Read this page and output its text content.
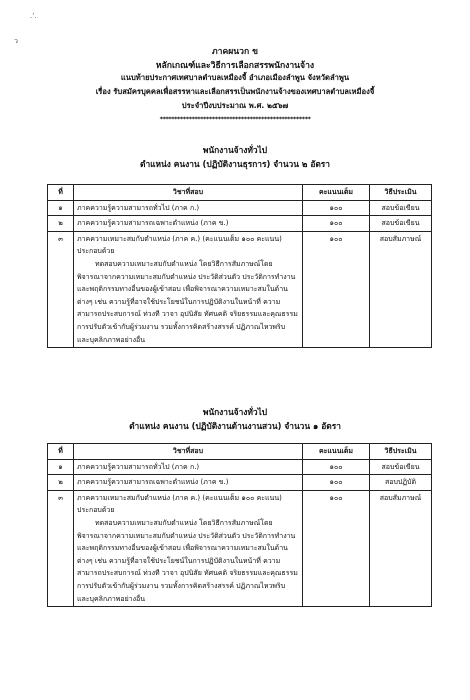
.ʻ.
ว
ภาคผนวก ข
หลักเกณฑ์และวิธีการเลือกสรรพนักงานจ้าง
แนบท้ายประกาศเทศบาลตำบลเหมืองจี้ อำเภอเมืองลำพูน จังหวัดลำพูน
เรื่อง รับสมัครบุคคลเพื่อสรรหาและเลือกสรรเป็นพนักงานจ้างของเทศบาลตำบลเหมืองจี้
ประจำปีงบประมาณ พ.ศ. ๒๕๖๗
****************************************************
พนักงานจ้างทั่วไป
ตำแหน่ง คนงาน (ปฏิบัติงานธุรการ) จำนวน ๒ อัตรา
ที่	วิชาที่สอบ	คะแนนเต็ม	วิธีประเมิน
๑	ภาคความรู้ความสามารถทั่วไป (ภาค ก.)	๑๐๐	สอบข้อเขียน
๒	ภาคความรู้ความสามารถเฉพาะตำแหน่ง (ภาค ข.)	๑๐๐	สอบข้อเขียน
๓	ภาคความเหมาะสมกับตำแหน่ง (ภาค ค.) (คะแนนเต็ม ๑๐๐ คะแนน) ประกอบด้วย
ทดสอบความเหมาะสมกับตำแหน่ง โดยวิธีการสัมภาษณ์โดยพิจารณาจากความเหมาะสมกับตำแหน่ง ประวัติส่วนตัว ประวัติการทำงาน และพฤติกรรมทางอื่นของผู้เข้าสอบ เพื่อพิจารณาความเหมาะสมในด้านต่างๆ เช่น ความรู้ที่อาจใช้ประโยชน์ในการปฏิบัติงานในหน้าที่ ความสามารถประสบการณ์ ท่วงที วาจา อุปนิสัย ทัศนคติ จริยธรรมและคุณธรรม การปรับตัวเข้ากับผู้ร่วมงาน รวมทั้งการคิดสร้างสรรค์ ปฏิภาณไหวพริบ และบุคลิกภาพอย่างอื่น	๑๐๐	สอบสัมภาษณ์
พนักงานจ้างทั่วไป
ตำแหน่ง คนงาน (ปฏิบัติงานด้านงานสวน) จำนวน ๑ อัตรา
ที่	วิชาที่สอบ	คะแนนเต็ม	วิธีประเมิน
๑	ภาคความรู้ความสามารถทั่วไป (ภาค ก.)	๑๐๐	สอบข้อเขียน
๒	ภาคความรู้ความสามารถเฉพาะตำแหน่ง (ภาค ข.)	๑๐๐	สอบปฏิบัติ
๓	ภาคความเหมาะสมกับตำแหน่ง (ภาค ค.) (คะแนนเต็ม ๑๐๐ คะแนน) ประกอบด้วย
ทดสอบความเหมาะสมกับตำแหน่ง โดยวิธีการสัมภาษณ์โดยพิจารณาจากความเหมาะสมกับตำแหน่ง ประวัติส่วนตัว ประวัติการทำงาน และพฤติกรรมทางอื่นของผู้เข้าสอบ เพื่อพิจารณาความเหมาะสมในด้านต่างๆ เช่น ความรู้ที่อาจใช้ประโยชน์ในการปฏิบัติงานในหน้าที่ ความสามารถประสบการณ์ ท่วงที วาจา อุปนิสัย ทัศนคติ จริยธรรมและคุณธรรม การปรับตัวเข้ากับผู้ร่วมงาน รวมทั้งการคิดสร้างสรรค์ ปฏิภาณไหวพริบ และบุคลิกภาพอย่างอื่น	๑๐๐	สอบสัมภาษณ์
